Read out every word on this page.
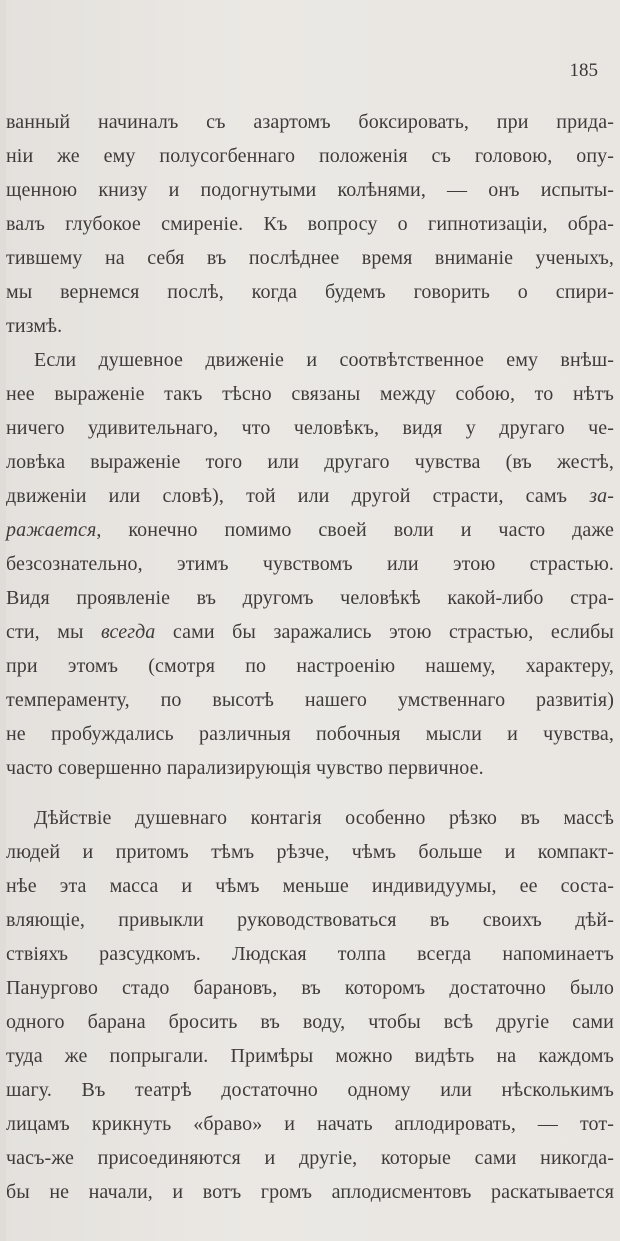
185
ванный начиналъ съ азартомъ боксировать, при прида-
ніи же ему полусогбеннаго положенія съ головою, опу-
щенною книзу и подогнутыми колѣнями, — онъ испыты-
валъ глубокое смиреніе. Къ вопросу о гипнотизаціи, обра-
тившему на себя въ послѣднее время вниманіе ученыхъ,
мы вернемся послѣ, когда будемъ говорить о спири-
тизмѣ.
Если душевное движеніе и соотвѣтственное ему внѣш-
нее выраженіе такъ тѣсно связаны между собою, то нѣтъ
ничего удивительнаго, что человѣкъ, видя у другаго че-
ловѣка выраженіе того или другаго чувства (въ жестѣ,
движеніи или словѣ), той или другой страсти, самъ за-
ражается, конечно помимо своей воли и часто даже
безсознательно, этимъ чувствомъ или этою страстью.
Видя проявленіе въ другомъ человѣкѣ какой-либо стра-
сти, мы всегда сами бы заражались этою страстью, еслибы
при этомъ (смотря по настроенію нашему, характеру,
темпераменту, по высотѣ нашего умственнаго развитія)
не пробуждались различныя побочныя мысли и чувства,
часто совершенно парализирующія чувство первичное.
Дѣйствіе душевнаго контагія особенно рѣзко въ массѣ
людей и притомъ тѣмъ рѣзче, чѣмъ больше и компакт-
нѣе эта масса и чѣмъ меньше индивидуумы, ее соста-
вляющіе, привыкли руководствоваться въ своихъ дѣй-
ствіяхъ разсудкомъ. Людская толпа всегда напоминаетъ
Панургово стадо барановъ, въ которомъ достаточно было
одного барана бросить въ воду, чтобы всѣ другіе сами
туда же попрыгали. Примѣры можно видѣть на каждомъ
шагу. Въ театрѣ достаточно одному или нѣсколькимъ
лицамъ крикнуть «браво» и начать аплодировать, — тот-
часъ-же присоединяются и другіе, которые сами никогда-
бы не начали, и вотъ громъ аплодисментовъ раскатывается
